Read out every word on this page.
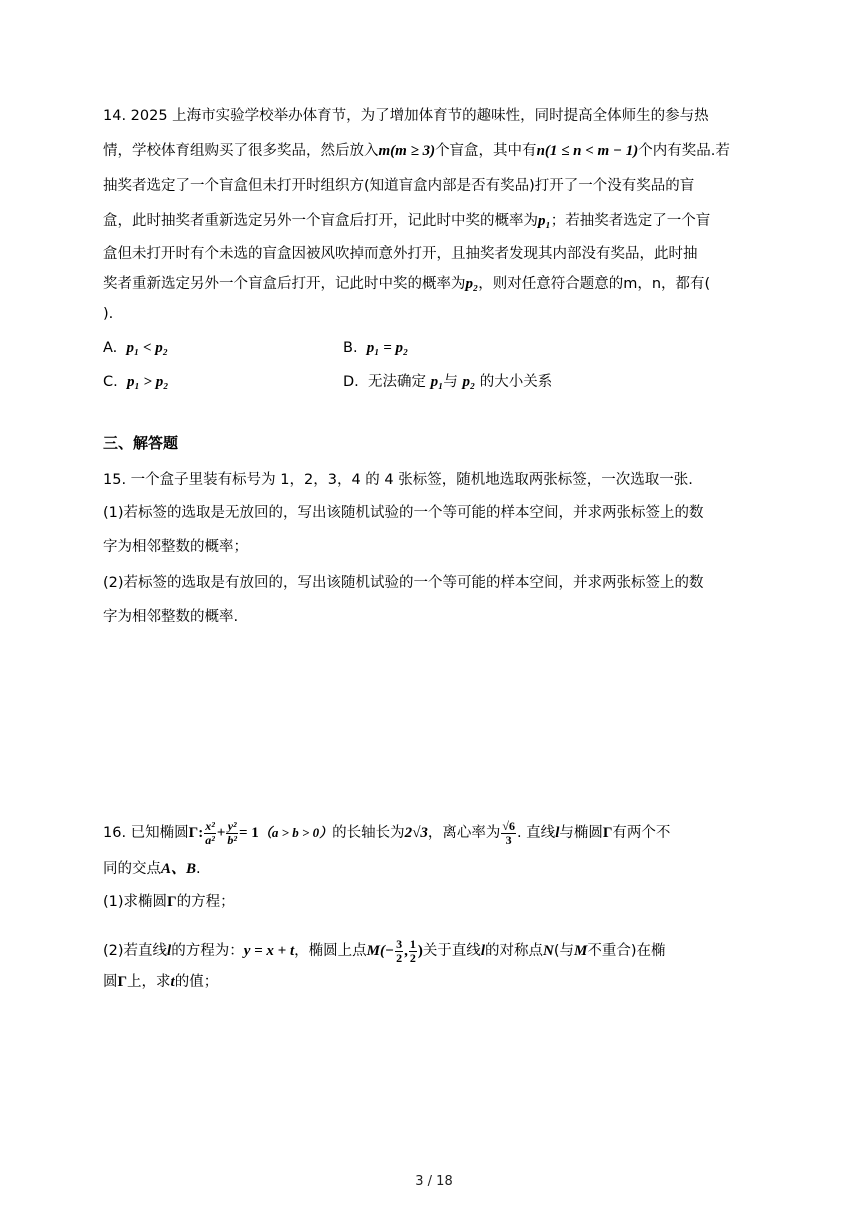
14. 2025 上海市实验学校举办体育节，为了增加体育节的趣味性，同时提高全体师生的参与热
情，学校体育组购买了很多奖品，然后放入m(m ≥ 3)个盲盒，其中有n(1 ≤ n < m − 1)个内有奖品.若
抽奖者选定了一个盲盒但未打开时组织方(知道盲盒内部是否有奖品)打开了一个没有奖品的盲
盒，此时抽奖者重新选定另外一个盲盒后打开，记此时中奖的概率为p₁；若抽奖者选定了一个盲
盒但未打开时有个未选的盲盒因被风吹掉而意外打开，且抽奖者发现其内部没有奖品，此时抽
奖者重新选定另外一个盲盒后打开，记此时中奖的概率为p₂，则对任意符合题意的m，n，都有(
).
A. p₁ < p₂	B. p₁ = p₂
C. p₁ > p₂	D. 无法确定 p₁与 p₂ 的大小关系
三、解答题
15. 一个盒子里装有标号为 1，2，3，4 的 4 张标签，随机地选取两张标签，一次选取一张.
(1)若标签的选取是无放回的，写出该随机试验的一个等可能的样本空间，并求两张标签上的数
字为相邻整数的概率；
(2)若标签的选取是有放回的，写出该随机试验的一个等可能的样本空间，并求两张标签上的数
字为相邻整数的概率.
16. 已知椭圆Γ: $\frac{\text{x²}}{\text{a²}} + \frac{\text{y²}}{\text{b²}} = 1(a > b > 0)$的长轴长为2√3，离心率为 $\frac{√6}{3}$ . 直线l与椭圆Γ有两个不
同的交点A、B.
(1)求椭圆Γ的方程；
(2)若直线l的方程为：y = x + t，椭圆上点$M(- \frac{3}{2}$ , $\frac{1}{2}$ )关于直线l的对称点N(与M不重合)在椭
圆Γ上，求t的值；
3 / 18
